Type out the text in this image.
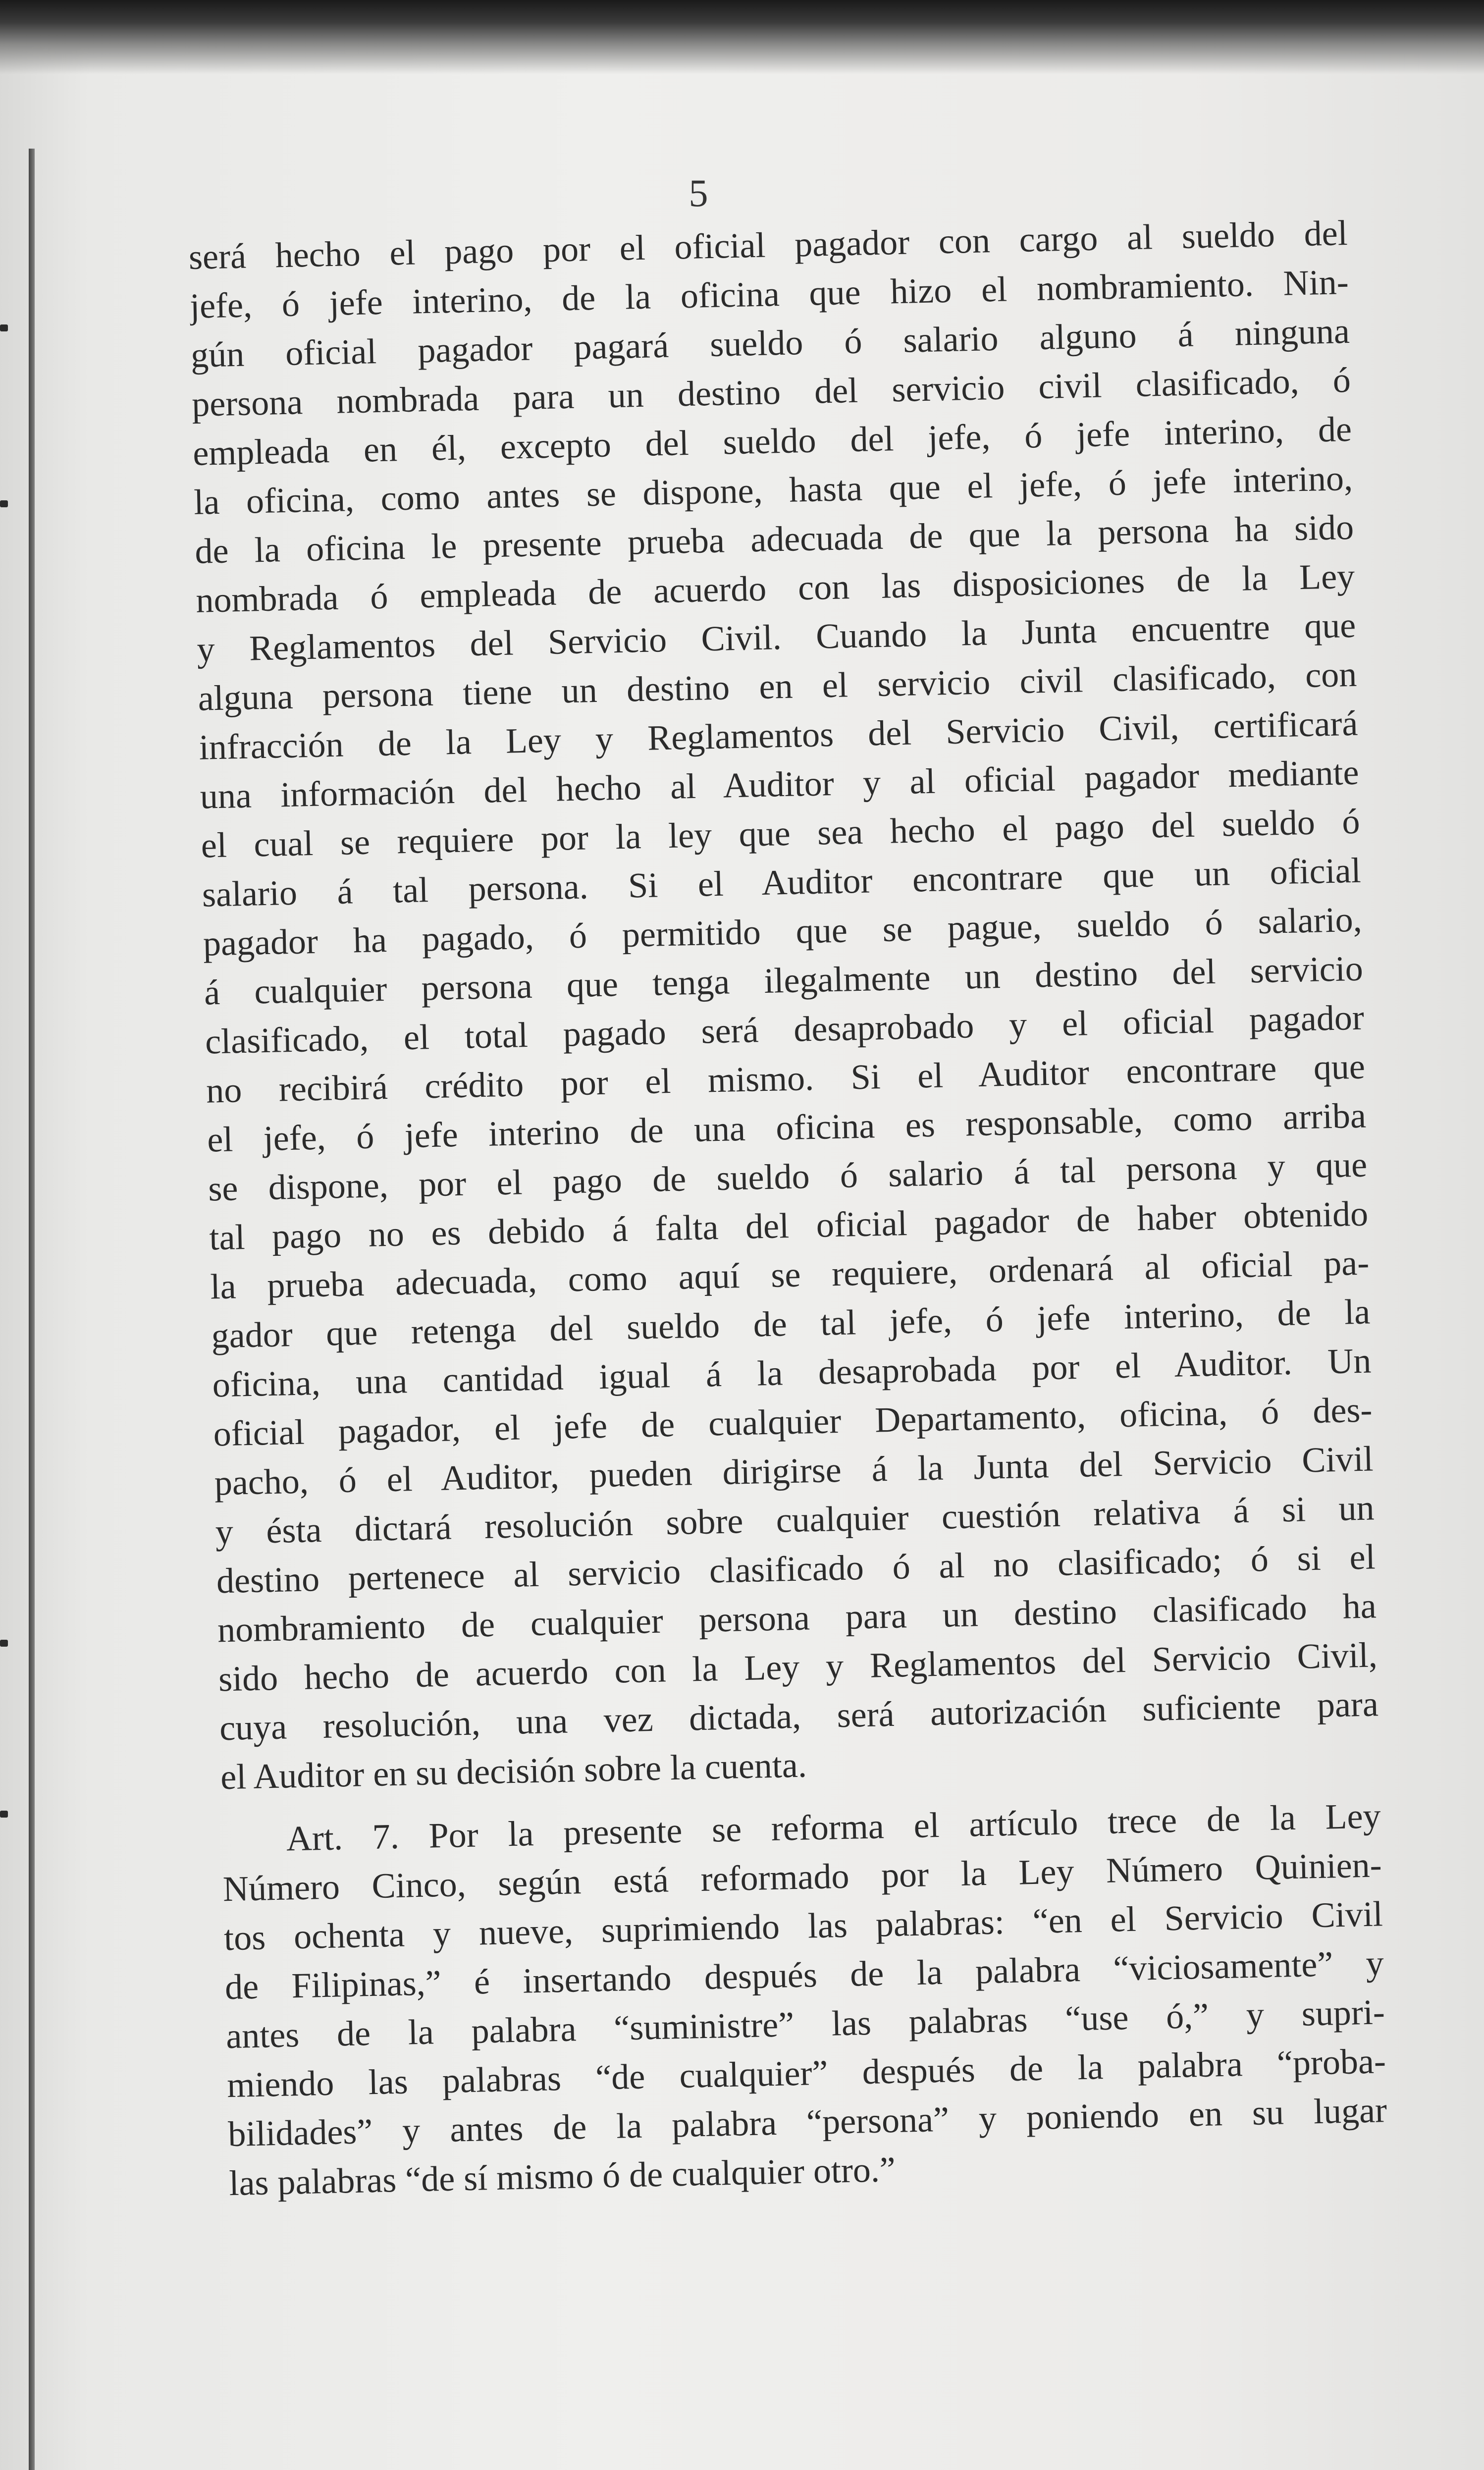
5
será hecho el pago por el oficial pagador con cargo al sueldo del
jefe, ó jefe interino, de la oficina que hizo el nombramiento. Nin-
gún oficial pagador pagará sueldo ó salario alguno á ninguna
persona nombrada para un destino del servicio civil clasificado, ó
empleada en él, excepto del sueldo del jefe, ó jefe interino, de
la oficina, como antes se dispone, hasta que el jefe, ó jefe interino,
de la oficina le presente prueba adecuada de que la persona ha sido
nombrada ó empleada de acuerdo con las disposiciones de la Ley
y Reglamentos del Servicio Civil. Cuando la Junta encuentre que
alguna persona tiene un destino en el servicio civil clasificado, con
infracción de la Ley y Reglamentos del Servicio Civil, certificará
una información del hecho al Auditor y al oficial pagador mediante
el cual se requiere por la ley que sea hecho el pago del sueldo ó
salario á tal persona. Si el Auditor encontrare que un oficial
pagador ha pagado, ó permitido que se pague, sueldo ó salario,
á cualquier persona que tenga ilegalmente un destino del servicio
clasificado, el total pagado será desaprobado y el oficial pagador
no recibirá crédito por el mismo. Si el Auditor encontrare que
el jefe, ó jefe interino de una oficina es responsable, como arriba
se dispone, por el pago de sueldo ó salario á tal persona y que
tal pago no es debido á falta del oficial pagador de haber obtenido
la prueba adecuada, como aquí se requiere, ordenará al oficial pa-
gador que retenga del sueldo de tal jefe, ó jefe interino, de la
oficina, una cantidad igual á la desaprobada por el Auditor. Un
oficial pagador, el jefe de cualquier Departamento, oficina, ó des-
pacho, ó el Auditor, pueden dirigirse á la Junta del Servicio Civil
y ésta dictará resolución sobre cualquier cuestión relativa á si un
destino pertenece al servicio clasificado ó al no clasificado; ó si el
nombramiento de cualquier persona para un destino clasificado ha
sido hecho de acuerdo con la Ley y Reglamentos del Servicio Civil,
cuya resolución, una vez dictada, será autorización suficiente para
el Auditor en su decisión sobre la cuenta.
Art. 7. Por la presente se reforma el artículo trece de la Ley
Número Cinco, según está reformado por la Ley Número Quinien-
tos ochenta y nueve, suprimiendo las palabras: “en el Servicio Civil
de Filipinas,” é insertando después de la palabra “viciosamente” y
antes de la palabra “suministre” las palabras “use ó,” y supri-
miendo las palabras “de cualquier” después de la palabra “proba-
bilidades” y antes de la palabra “persona” y poniendo en su lugar
las palabras “de sí mismo ó de cualquier otro.”
